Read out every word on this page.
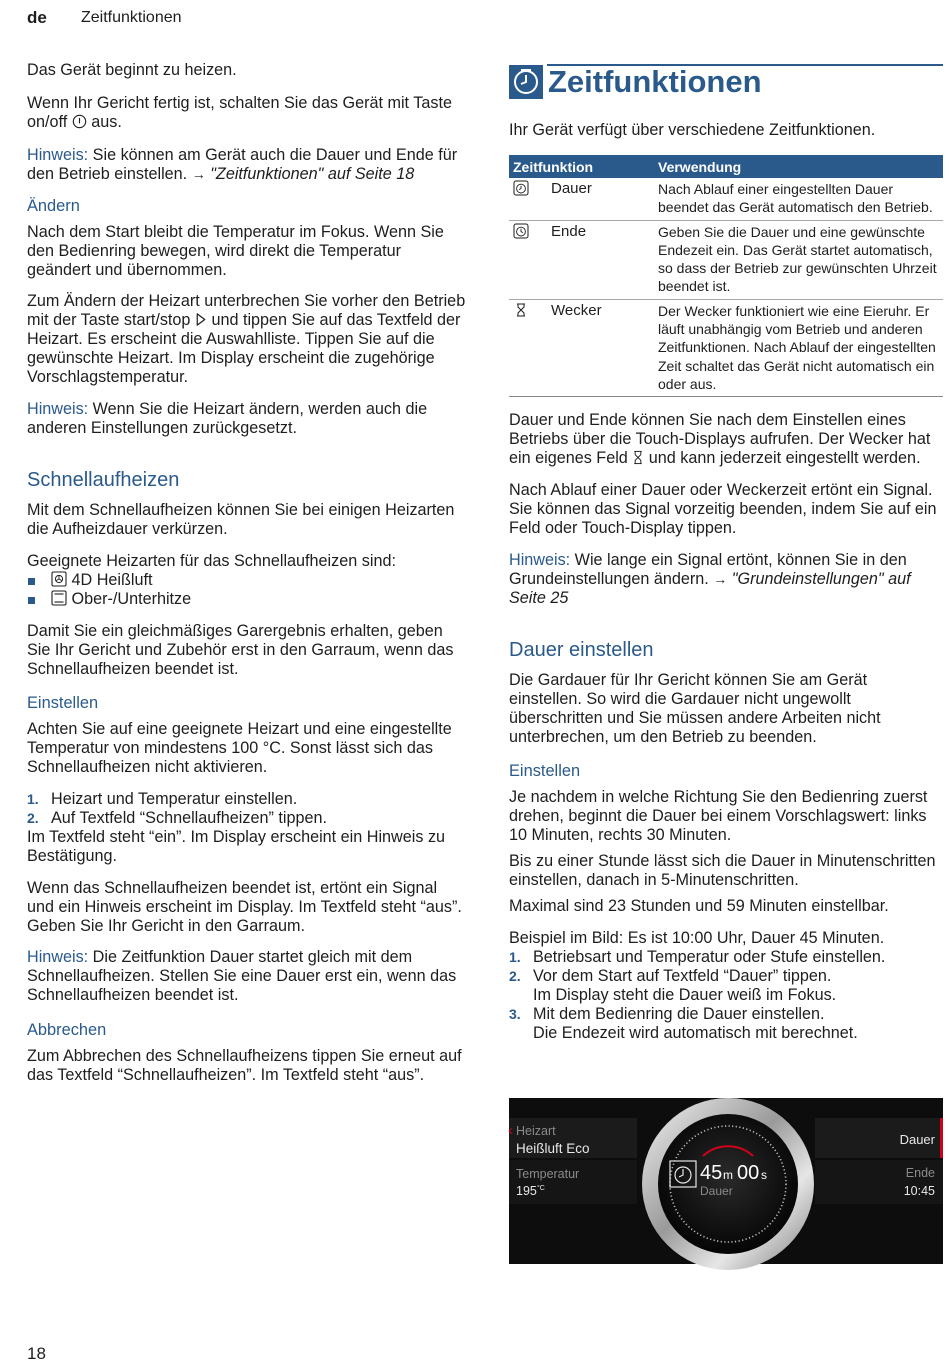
de Zeitfunktionen

Das Gerät beginnt zu heizen.

Wenn Ihr Gericht fertig ist, schalten Sie das Gerät mit Taste on/off aus.

Hinweis: Sie können am Gerät auch die Dauer und Ende für den Betrieb einstellen. → "Zeitfunktionen" auf Seite 18

Ändern

Nach dem Start bleibt die Temperatur im Fokus. Wenn Sie den Bedienring bewegen, wird direkt die Temperatur geändert und übernommen.

Zum Ändern der Heizart unterbrechen Sie vorher den Betrieb mit der Taste start/stop und tippen Sie auf das Textfeld der Heizart. Es erscheint die Auswahlliste. Tippen Sie auf die gewünschte Heizart. Im Display erscheint die zugehörige Vorschlagstemperatur.

Hinweis: Wenn Sie die Heizart ändern, werden auch die anderen Einstellungen zurückgesetzt.

Schnellaufheizen

Mit dem Schnellaufheizen können Sie bei einigen Heizarten die Aufheizdauer verkürzen.

Geeignete Heizarten für das Schnellaufheizen sind:

4D Heißluft
Ober-/Unterhitze

Damit Sie ein gleichmäßiges Garergebnis erhalten, geben Sie Ihr Gericht und Zubehör erst in den Garraum, wenn das Schnellaufheizen beendet ist.

Einstellen

Achten Sie auf eine geeignete Heizart und eine eingestellte Temperatur von mindestens 100 °C. Sonst lässt sich das Schnellaufheizen nicht aktivieren.

1. Heizart und Temperatur einstellen.
2. Auf Textfeld “Schnellaufheizen” tippen.

Im Textfeld steht “ein”. Im Display erscheint ein Hinweis zu Bestätigung.

Wenn das Schnellaufheizen beendet ist, ertönt ein Signal und ein Hinweis erscheint im Display. Im Textfeld steht “aus”. Geben Sie Ihr Gericht in den Garraum.

Hinweis: Die Zeitfunktion Dauer startet gleich mit dem Schnellaufheizen. Stellen Sie eine Dauer erst ein, wenn das Schnellaufheizen beendet ist.

Abbrechen

Zum Abbrechen des Schnellaufheizens tippen Sie erneut auf das Textfeld “Schnellaufheizen”. Im Textfeld steht “aus”.

Zeitfunktionen

Ihr Gerät verfügt über verschiedene Zeitfunktionen.

Zeitfunktion		Verwendung
	Dauer	Nach Ablauf einer eingestellten Dauer beendet das Gerät automatisch den Betrieb.
	Ende	Geben Sie die Dauer und eine gewünschte Endezeit ein. Das Gerät startet automatisch, so dass der Betrieb zur gewünschten Uhrzeit beendet ist.
	Wecker	Der Wecker funktioniert wie eine Eieruhr. Er läuft unabhängig vom Betrieb und anderen Zeitfunktionen. Nach Ablauf der eingestellten Zeit schaltet das Gerät nicht automatisch ein oder aus.

Dauer und Ende können Sie nach dem Einstellen eines Betriebs über die Touch-Displays aufrufen. Der Wecker hat ein eigenes Feld und kann jederzeit eingestellt werden.

Nach Ablauf einer Dauer oder Weckerzeit ertönt ein Signal. Sie können das Signal vorzeitig beenden, indem Sie auf ein Feld oder Touch-Display tippen.

Hinweis: Wie lange ein Signal ertönt, können Sie in den Grundeinstellungen ändern. → "Grundeinstellungen" auf Seite 25

Dauer einstellen

Die Gardauer für Ihr Gericht können Sie am Gerät einstellen. So wird die Gardauer nicht ungewollt überschritten und Sie müssen andere Arbeiten nicht unterbrechen, um den Betrieb zu beenden.

Einstellen

Je nachdem in welche Richtung Sie den Bedienring zuerst drehen, beginnt die Dauer bei einem Vorschlagswert: links 10 Minuten, rechts 30 Minuten.

Bis zu einer Stunde lässt sich die Dauer in Minutenschritten einstellen, danach in 5-Minutenschritten.

Maximal sind 23 Stunden und 59 Minuten einstellbar.

Beispiel im Bild: Es ist 10:00 Uhr, Dauer 45 Minuten.

1. Betriebsart und Temperatur oder Stufe einstellen.
2. Vor dem Start auf Textfeld “Dauer” tippen.
Im Display steht die Dauer weiß im Fokus.
3. Mit dem Bedienring die Dauer einstellen.
Die Endezeit wird automatisch mit berechnet.
45 m 00 s
Dauer
‹ Heizart
Heißluft Eco
Temperatur
195 °C
Dauer
Ende
10:45
18
